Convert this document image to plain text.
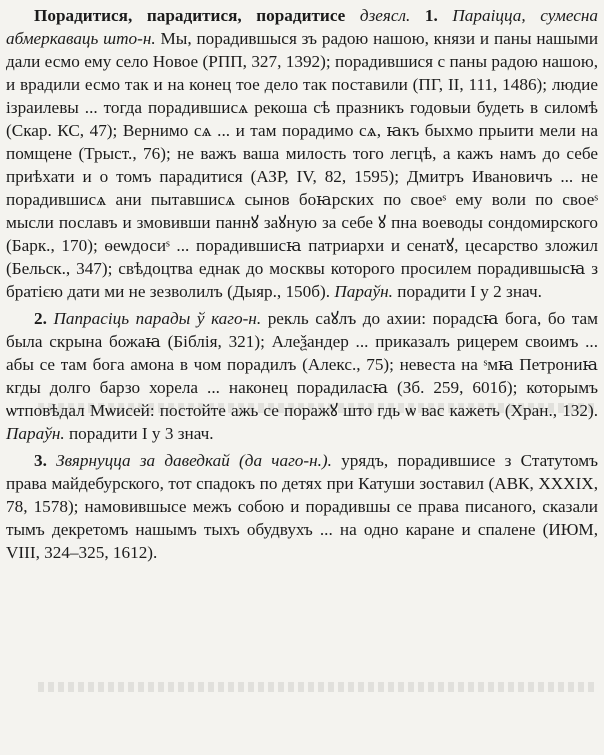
Порадитися, парадитися, порадитисе дзеясл. 1. Параіцца, сумесна абмеркаваць што-н. Мы, порадившыся зъ радою нашою, князи и паны нашыми дали есмо ему село Новое (РПП, 327, 1392); порадившися с паны радою нашою, и врадили есмо так и на конец тое дело так поставили (ПГ, II, 111, 1486); людие ізраилевы ... тогда порадившисѧ рекоша сѣ празникъ годовыи будеть в силомѣ (Скар. КС, 47); Вернимо сѧ ... и там порадимо сѧ, ꙗкъ быхмо прыити мели на помщене (Трыст., 76); не важъ ваша милость того легцѣ, а кажъ намъ до себе приѣхати и о томъ парадитися (АЗР, IV, 82, 1595); Дмитръ Ивановичъ ... не порадившисѧ ани пытавшисѧ сынов боꙗрских по своеˢ ему воли по своеˢ мысли пославъ и змовивши паннꙋ заꙋную за себе ꙋ пна воеводы сондомирского (Барк., 170); ѳеѡдосиˢ ... порадившисꙗ патриархи и сенатꙋ, цесарство зложил (Бельск., 347); свѣдоцтва еднак до москвы которого просилем порадившысꙗ з братією дати ми не зезволилъ (Дыяр., 150б). Параўн. порадити I у 2 знач.

2. Папрасіць парады ў каго-н. рекль саꙋлъ до ахии: порадсꙗ бога, бо там была скрына божаꙗ (Біблія, 321); Алеѯандер ... приказалъ рицерем своимъ ... абы се там бога амона в чом порадилъ (Алекс., 75); невеста на ˢмꙗ Петрониꙗ кгды долго барзо хорела ... наконец порадиласꙗ (Зб. 259, 601б); которымъ ѡтповѣдал Мѡисей: постойте ажь се поражꙋ што гдь ѡ вас кажеть (Хран., 132). Параўн. порадити I у 3 знач.

3. Звярнуцца за даведкай (да чаго-н.). урядъ, порадившисе з Статутомъ права майдебурского, тот спадокъ по детях при Катуши зоставил (АВК, XXXIX, 78, 1578); намовившысе межъ собою и порадившы се права писаного, сказали тымъ декретомъ нашымъ тыхъ обудвухъ ... на одно каране и спалене (ИЮМ, VIII, 324–325, 1612).
